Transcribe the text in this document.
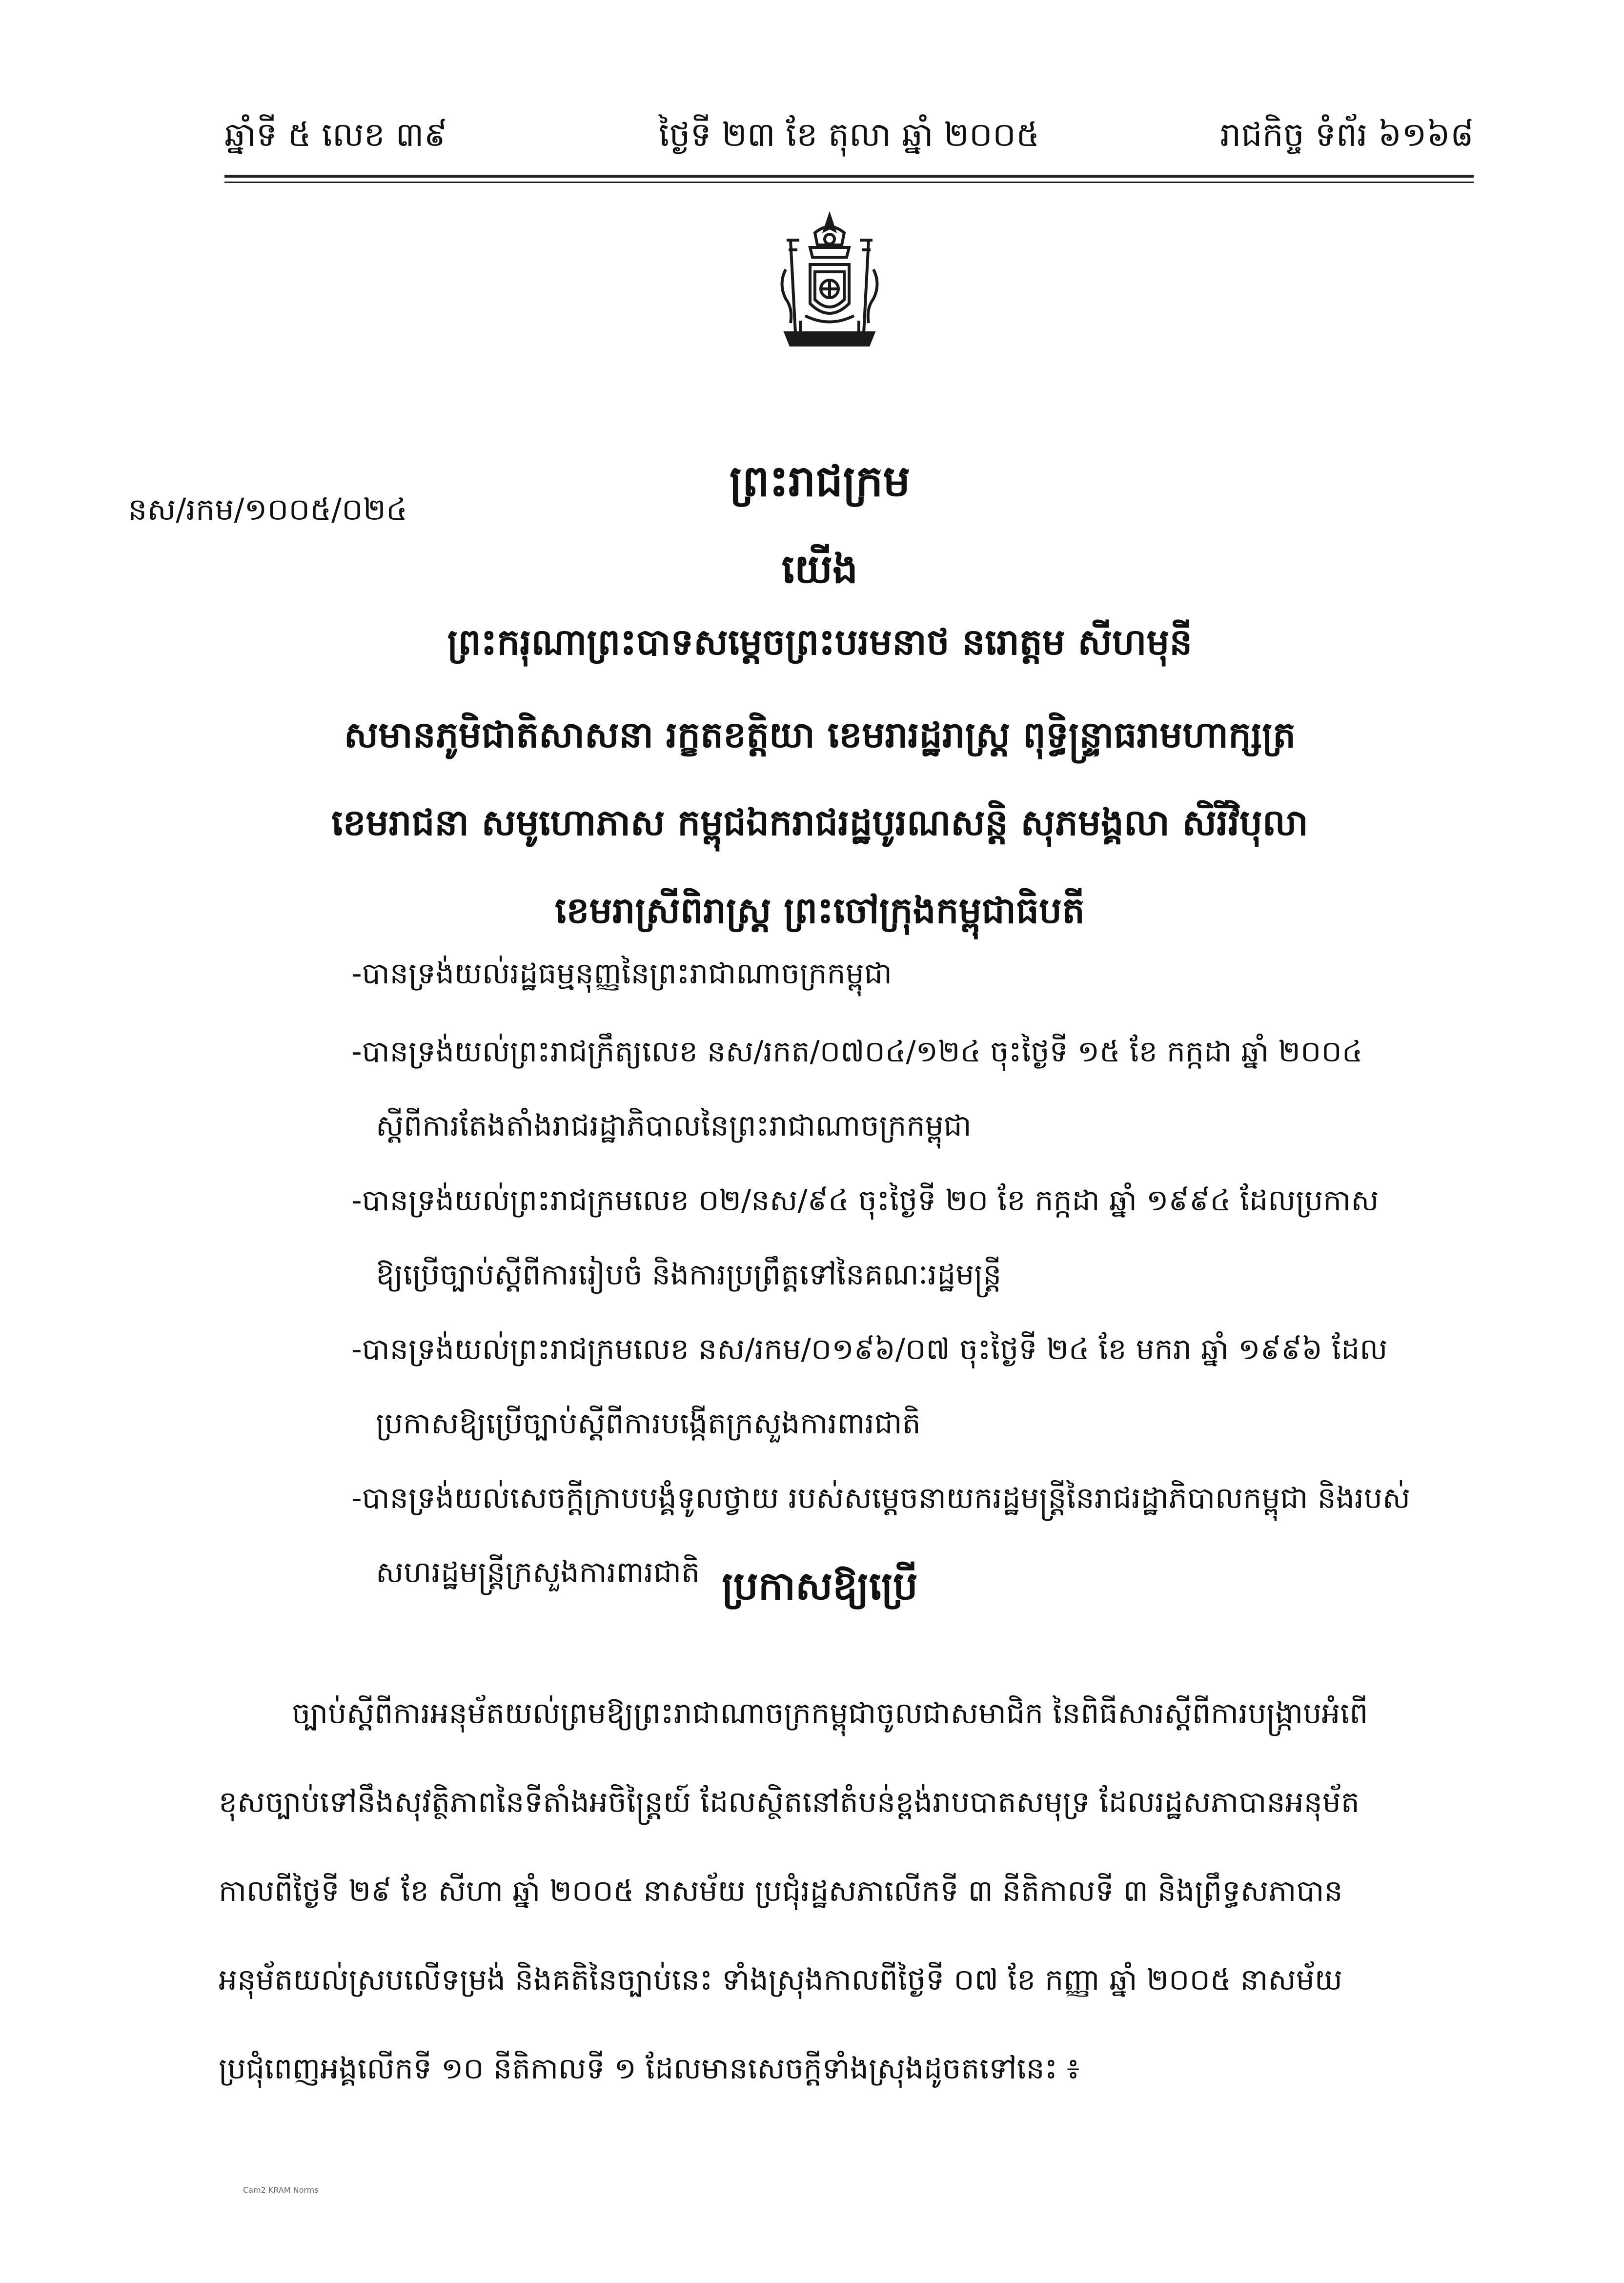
ឆ្នាំទី ៥ លេខ ៣៩	ថ្ងៃទី ២៣ ខែ តុលា ឆ្នាំ ២០០៥	រាជកិច្ច ទំព័រ ៦១៦៨
នស/រកម/១០០៥/០២៤
ព្រះរាជក្រម
យើង
ព្រះករុណាព្រះបាទសម្តេចព្រះបរមនាថ នរោត្តម សីហមុនី
សមានភូមិជាតិសាសនា រក្ខតខត្តិយា ខេមរារដ្ឋរាស្ត្រ ពុទ្ធិន្ទ្រាធរាមហាក្សត្រ
ខេមរាជនា សមូហោភាស កម្ពុជឯករាជរដ្ឋបូរណសន្តិ សុភមង្គលា សិរីវិបុលា
ខេមរាស្រីពិរាស្ត្រ ព្រះចៅក្រុងកម្ពុជាធិបតី
-បានទ្រង់យល់រដ្ឋធម្មនុញ្ញនៃព្រះរាជាណាចក្រកម្ពុជា
-បានទ្រង់យល់ព្រះរាជក្រឹត្យលេខ នស/រកត/០៧០៤/១២៤ ចុះថ្ងៃទី ១៥ ខែ កក្កដា ឆ្នាំ ២០០៤
ស្តីពីការតែងតាំងរាជរដ្ឋាភិបាលនៃព្រះរាជាណាចក្រកម្ពុជា
-បានទ្រង់យល់ព្រះរាជក្រមលេខ ០២/នស/៩៤ ចុះថ្ងៃទី ២០ ខែ កក្កដា ឆ្នាំ ១៩៩៤ ដែលប្រកាស
ឱ្យប្រើច្បាប់ស្តីពីការរៀបចំ និងការប្រព្រឹត្តទៅនៃគណៈរដ្ឋមន្ត្រី
-បានទ្រង់យល់ព្រះរាជក្រមលេខ នស/រកម/០១៩៦/០៧ ចុះថ្ងៃទី ២៤ ខែ មករា ឆ្នាំ ១៩៩៦ ដែល
ប្រកាសឱ្យប្រើច្បាប់ស្តីពីការបង្កើតក្រសួងការពារជាតិ
-បានទ្រង់យល់សេចក្តីក្រាបបង្គំទូលថ្វាយ របស់សម្តេចនាយករដ្ឋមន្ត្រីនៃរាជរដ្ឋាភិបាលកម្ពុជា និងរបស់
សហរដ្ឋមន្ត្រីក្រសួងការពារជាតិ ប្រកាសឱ្យប្រើ
ច្បាប់ស្តីពីការអនុម័តយល់ព្រមឱ្យព្រះរាជាណាចក្រកម្ពុជាចូលជាសមាជិក នៃពិធីសារស្តីពីការបង្ក្រាបអំពើ
ខុសច្បាប់ទៅនឹងសុវត្ថិភាពនៃទីតាំងអចិន្ត្រៃយ៍ ដែលស្ថិតនៅតំបន់ខ្ពង់រាបបាតសមុទ្រ ដែលរដ្ឋសភាបានអនុម័ត
កាលពីថ្ងៃទី ២៩ ខែ សីហា ឆ្នាំ ២០០៥ នាសម័យ ប្រជុំរដ្ឋសភាលើកទី ៣ នីតិកាលទី ៣ និងព្រឹទ្ធសភាបាន
អនុម័តយល់ស្របលើទម្រង់ និងគតិនៃច្បាប់នេះ ទាំងស្រុងកាលពីថ្ងៃទី ០៧ ខែ កញ្ញា ឆ្នាំ ២០០៥ នាសម័យ
ប្រជុំពេញអង្គលើកទី ១០ នីតិកាលទី ១ ដែលមានសេចក្តីទាំងស្រុងដូចតទៅនេះ ៖
Cam2 KRAM Norms
